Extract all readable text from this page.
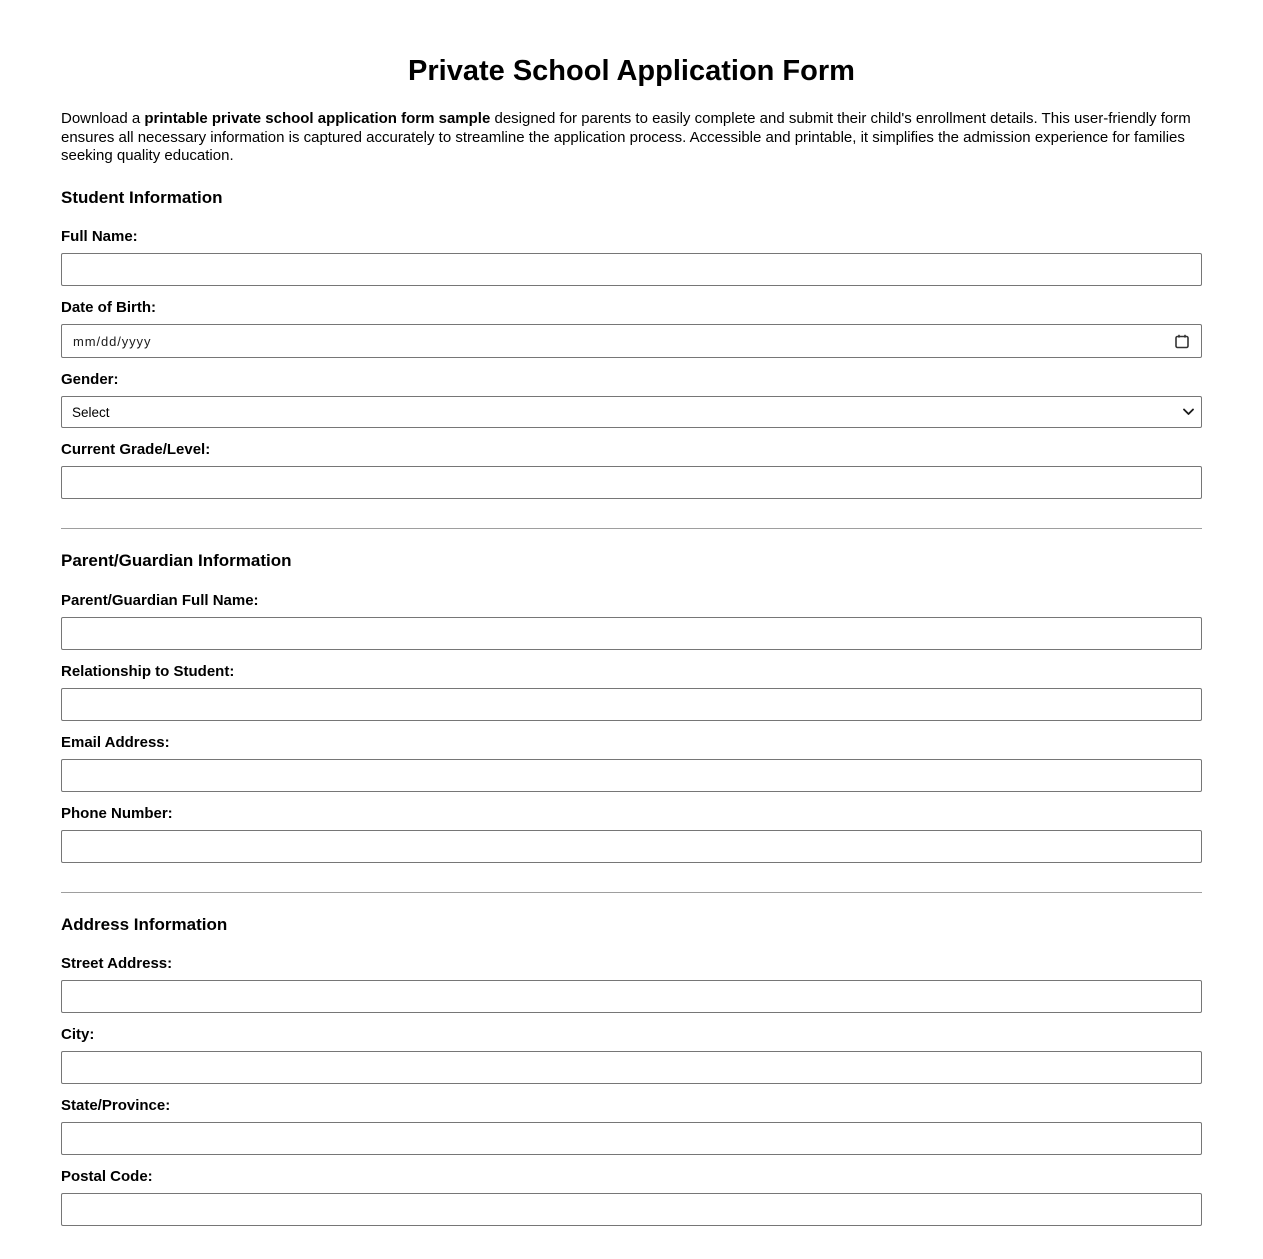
Private School Application Form

Download a printable private school application form sample designed for parents to easily complete and submit their child's enrollment details. This user-friendly form ensures all necessary information is captured accurately to streamline the application process. Accessible and printable, it simplifies the admission experience for families seeking quality education.

Student Information
Full Name:
Date of Birth:
mm/dd/yyyy
Gender:
Select
Current Grade/Level:
Parent/Guardian Information
Parent/Guardian Full Name:
Relationship to Student:
Email Address:
Phone Number:
Address Information
Street Address:
City:
State/Province:
Postal Code:
